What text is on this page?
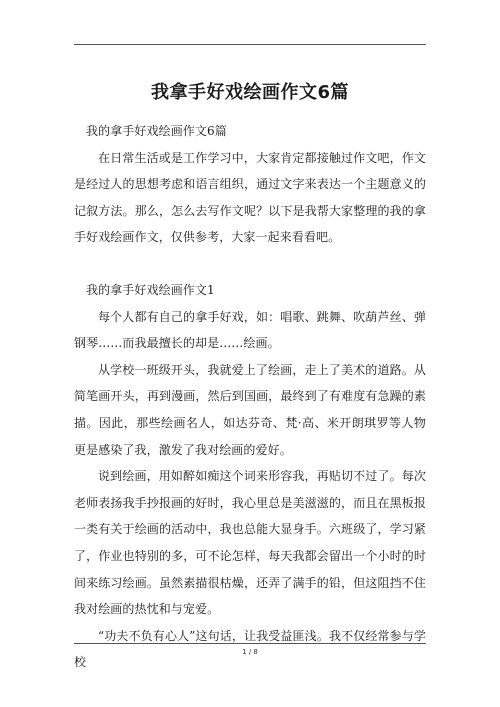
我拿手好戏绘画作文6篇

我的拿手好戏绘画作文6篇

在日常生活或是工作学习中，大家肯定都接触过作文吧，作文是经过人的思想考虑和语言组织，通过文字来表达一个主题意义的记叙方法。那么，怎么去写作文呢？以下是我帮大家整理的我的拿手好戏绘画作文，仅供参考，大家一起来看看吧。

我的拿手好戏绘画作文1

每个人都有自己的拿手好戏，如：唱歌、跳舞、吹葫芦丝、弹钢琴……而我最擅长的却是……绘画。

从学校一班级开头，我就爱上了绘画，走上了美术的道路。从简笔画开头，再到漫画，然后到国画，最终到了有难度有急躁的素描。因此，那些绘画名人，如达芬奇、梵·高、米开朗琪罗等人物更是感染了我，激发了我对绘画的爱好。

说到绘画，用如醉如痴这个词来形容我，再贴切不过了。每次老师表扬我手抄报画的好时，我心里总是美滋滋的，而且在黑板报一类有关于绘画的活动中，我也总能大显身手。六班级了，学习紧了，作业也特别的多，可不论怎样，每天我都会留出一个小时的时间来练习绘画。虽然素描很枯燥，还弄了满手的铅，但这阻挡不住我对绘画的热忱和与宠爱。

“功夫不负有心人”这句话，让我受益匪浅。我不仅经常参与学校

1 / 8
